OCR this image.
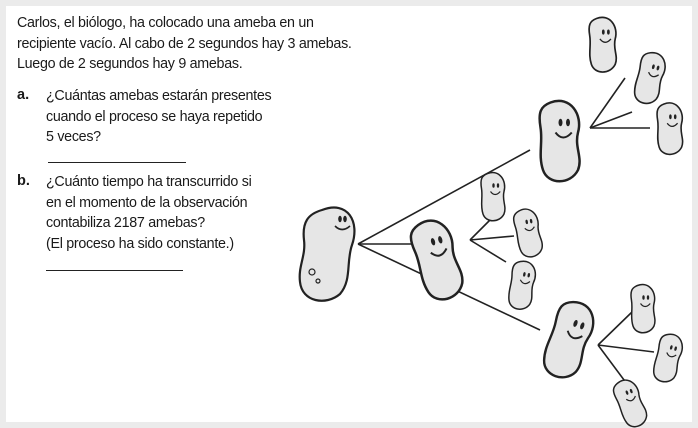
Carlos, el biólogo, ha colocado una ameba en un
recipiente vacío. Al cabo de 2 segundos hay 3 amebas.
Luego de 2 segundos hay 9 amebas.
a. ¿Cuántas amebas estarán presentes
cuando el proceso se haya repetido
5 veces?
b. ¿Cuánto tiempo ha transcurrido si
en el momento de la observación
contabiliza 2187 amebas?
(El proceso ha sido constante.)
